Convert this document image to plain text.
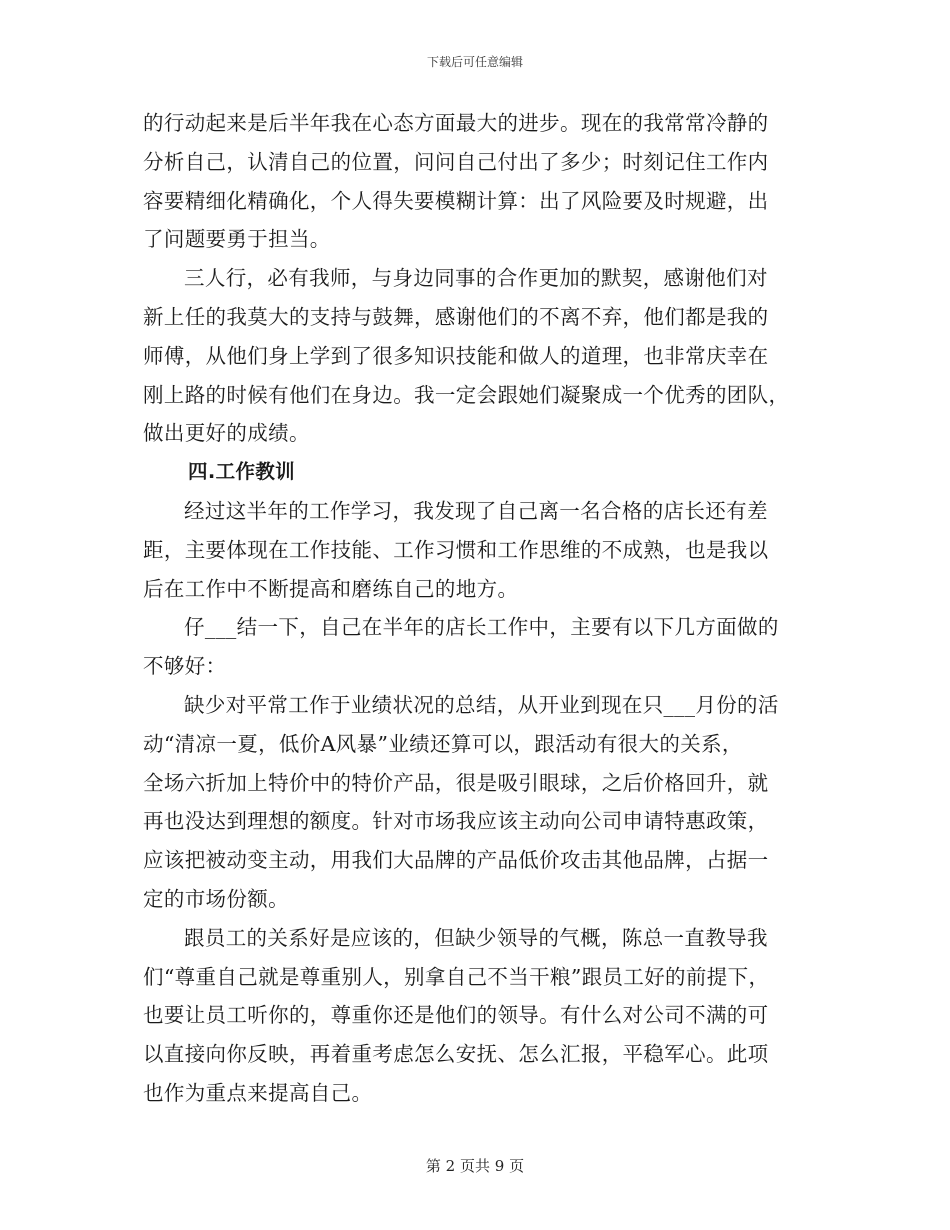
下载后可任意编辑
的行动起来是后半年我在心态方面最大的进步。现在的我常常冷静的
分析自己，认清自己的位置，问问自己付出了多少；时刻记住工作内
容要精细化精确化，个人得失要模糊计算：出了风险要及时规避，出
了问题要勇于担当。
三人行，必有我师，与身边同事的合作更加的默契，感谢他们对
新上任的我莫大的支持与鼓舞，感谢他们的不离不弃，他们都是我的
师傅，从他们身上学到了很多知识技能和做人的道理，也非常庆幸在
刚上路的时候有他们在身边。我一定会跟她们凝聚成一个优秀的团队，
做出更好的成绩。
四.工作教训
经过这半年的工作学习，我发现了自己离一名合格的店长还有差
距，主要体现在工作技能、工作习惯和工作思维的不成熟，也是我以
后在工作中不断提高和磨练自己的地方。
仔___结一下，自己在半年的店长工作中，主要有以下几方面做的
不够好：
缺少对平常工作于业绩状况的总结，从开业到现在只___月份的活
动“清凉一夏，低价A风暴”业绩还算可以，跟活动有很大的关系，
全场六折加上特价中的特价产品，很是吸引眼球，之后价格回升，就
再也没达到理想的额度。针对市场我应该主动向公司申请特惠政策，
应该把被动变主动，用我们大品牌的产品低价攻击其他品牌，占据一
定的市场份额。
跟员工的关系好是应该的，但缺少领导的气概，陈总一直教导我
们“尊重自己就是尊重别人，别拿自己不当干粮”跟员工好的前提下，
也要让员工听你的，尊重你还是他们的领导。有什么对公司不满的可
以直接向你反映，再着重考虑怎么安抚、怎么汇报，平稳军心。此项
也作为重点来提高自己。
第 2 页共 9 页
